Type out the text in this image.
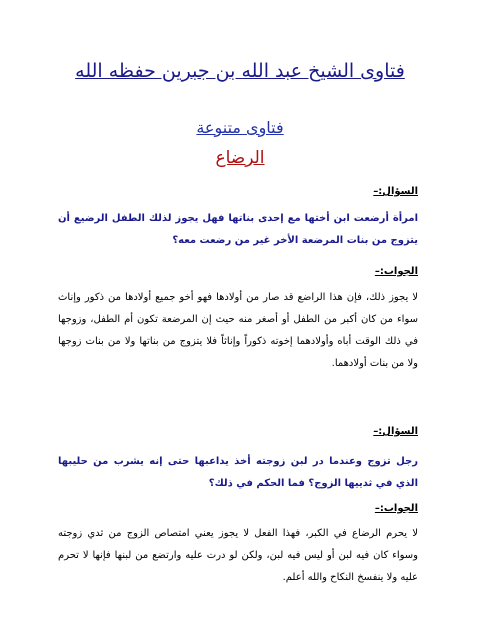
فتاوى الشيخ عبد الله بن جبرين حفظه الله
فتاوى متنوعة
الرضاع
السؤال:–
امرأة أرضعت ابن أختها مع إحدى بناتها فهل يجوز لذلك الطفل الرضيع أن يتزوج من بنات المرضعة الأخر غير من رضعت معه؟
الجواب:–
لا يجوز ذلك، فإن هذا الراضع قد صار من أولادها فهو أخو جميع أولادها من ذكور وإناث سواء من كان أكبر من الطفل أو أصغر منه حيث إن المرضعة تكون أم الطفل، وزوجها في ذلك الوقت أباه وأولادهما إخوته ذكوراً وإناثاً فلا يتزوج من بناتها ولا من بنات زوجها ولا من بنات أولادهما.
السؤال:–
رجل تزوج وعندما در لبن زوجته أخذ يداعبها حتى إنه يشرب من حليبها الذي في ثدييها الزوج؟ فما الحكم في ذلك؟
الجواب:–
لا يحرم الرضاع في الكبر، فهذا الفعل لا يجوز يعني امتصاص الزوج من ثدي زوجته وسواء كان فيه لبن أو ليس فيه لبن، ولكن لو درت عليه وارتضع من لبنها فإنها لا تحرم عليه ولا ينفسخ النكاح والله أعلم.
